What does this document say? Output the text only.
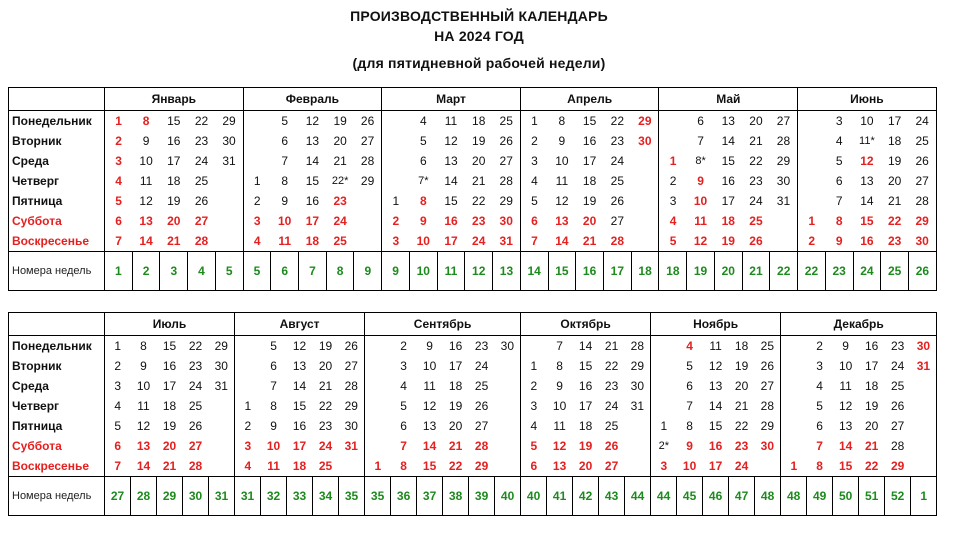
ПРОИЗВОДСТВЕННЫЙ КАЛЕНДАРЬ
НА 2024 ГОД
(для пятидневной рабочей недели)
	Январь					Февраль					Март					Апрель					Май					Июнь				
Понедельник	1	8	15	22	29		5	12	19	26		4	11	18	25	1	8	15	22	29		6	13	20	27		3	10	17	24
Вторник	2	9	16	23	30		6	13	20	27		5	12	19	26	2	9	16	23	30		7	14	21	28		4	11*	18	25
Среда	3	10	17	24	31		7	14	21	28		6	13	20	27	3	10	17	24		1	8*	15	22	29		5	12	19	26
Четверг	4	11	18	25		1	8	15	22*	29		7*	14	21	28	4	11	18	25		2	9	16	23	30		6	13	20	27
Пятница	5	12	19	26		2	9	16	23		1	8	15	22	29	5	12	19	26		3	10	17	24	31		7	14	21	28
Суббота	6	13	20	27		3	10	17	24		2	9	16	23	30	6	13	20	27		4	11	18	25		1	8	15	22	29
Воскресенье	7	14	21	28		4	11	18	25		3	10	17	24	31	7	14	21	28		5	12	19	26		2	9	16	23	30
Номера недель	1	2	3	4	5	5	6	7	8	9	9	10	11	12	13	14	15	16	17	18	18	19	20	21	22	22	23	24	25	26
	Июль					Август					Сентябрь						Октябрь					Ноябрь					Декабрь					
Понедельник	1	8	15	22	29		5	12	19	26		2	9	16	23	30		7	14	21	28		4	11	18	25		2	9	16	23	30
Вторник	2	9	16	23	30		6	13	20	27		3	10	17	24		1	8	15	22	29		5	12	19	26		3	10	17	24	31
Среда	3	10	17	24	31		7	14	21	28		4	11	18	25		2	9	16	23	30		6	13	20	27		4	11	18	25	
Четверг	4	11	18	25		1	8	15	22	29		5	12	19	26		3	10	17	24	31		7	14	21	28		5	12	19	26	
Пятница	5	12	19	26		2	9	16	23	30		6	13	20	27		4	11	18	25		1	8	15	22	29		6	13	20	27	
Суббота	6	13	20	27		3	10	17	24	31		7	14	21	28		5	12	19	26		2*	9	16	23	30		7	14	21	28	
Воскресенье	7	14	21	28		4	11	18	25		1	8	15	22	29		6	13	20	27		3	10	17	24		1	8	15	22	29	
Номера недель	27	28	29	30	31	31	32	33	34	35	35	36	37	38	39	40	40	41	42	43	44	44	45	46	47	48	48	49	50	51	52	1
